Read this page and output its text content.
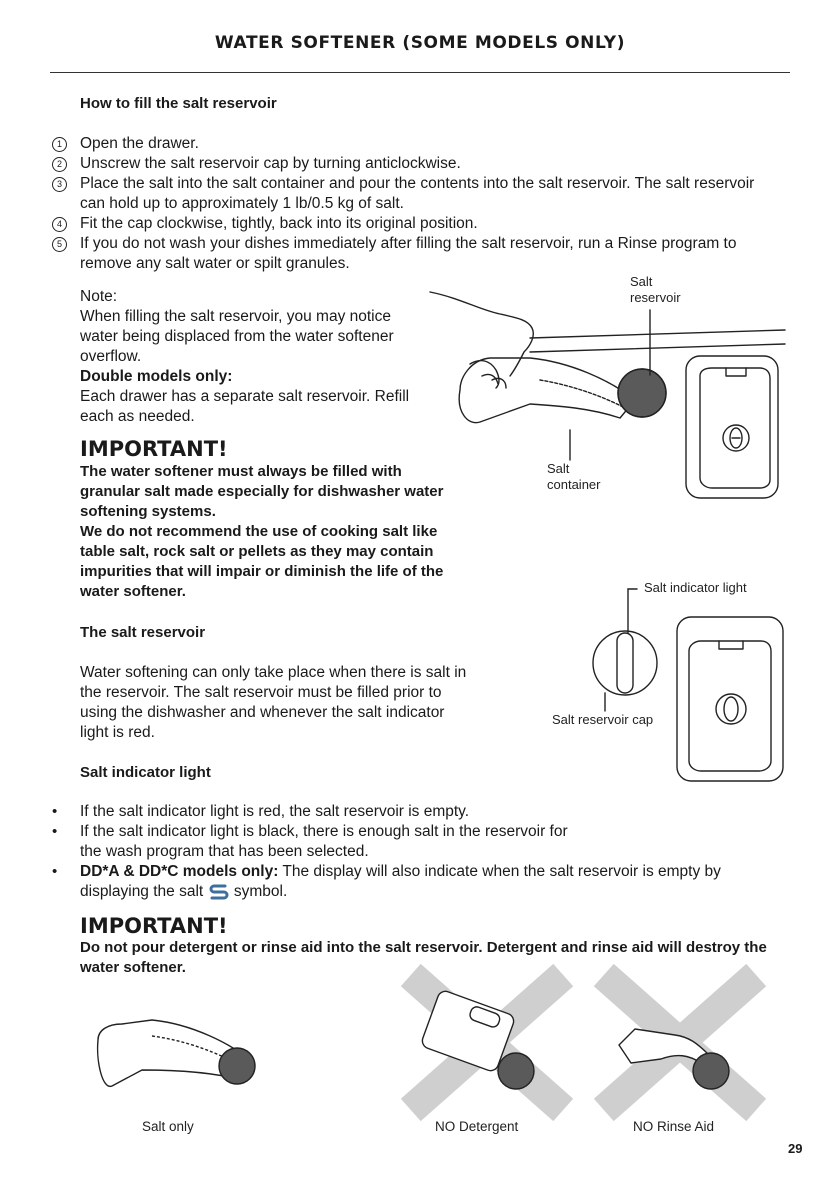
WATER SOFTENER (SOME MODELS ONLY)
How to fill the salt reservoir
1	Open the drawer.
2	Unscrew the salt reservoir cap by turning anticlockwise.
3	Place the salt into the salt container and pour the contents into the salt reservoir. The salt reservoir can hold up to approximately 1 lb/0.5 kg of salt.
4	Fit the cap clockwise, tightly, back into its original position.
5	If you do not wash your dishes immediately after filling the salt reservoir, run a Rinse program to remove any salt water or spilt granules.
Note:
When filling the salt reservoir, you may notice water being displaced from the water softener overflow.
Double models only:
Each drawer has a separate salt reservoir. Refill each as needed.
IMPORTANT!
The water softener must always be filled with granular salt made especially for dishwasher water softening systems.
We do not recommend the use of cooking salt like table salt, rock salt or pellets as they may contain impurities that will impair or diminish the life of the water softener.
The salt reservoir
Water softening can only take place when there is salt in the reservoir. The salt reservoir must be filled prior to using the dishwasher and whenever the salt indicator light is red.
Salt indicator light
• If the salt indicator light is red, the salt reservoir is empty.
• If the salt indicator light is black, there is enough salt in the reservoir for the wash program that has been selected.
• DD*A & DD*C models only: The display will also indicate when the salt reservoir is empty by displaying the salt symbol.
IMPORTANT!
Do not pour detergent or rinse aid into the salt reservoir. Detergent and rinse aid will destroy the water softener.
Salt
reservoir
Salt
container
Salt indicator light
Salt reservoir cap
Salt only	NO Detergent	NO Rinse Aid
29
